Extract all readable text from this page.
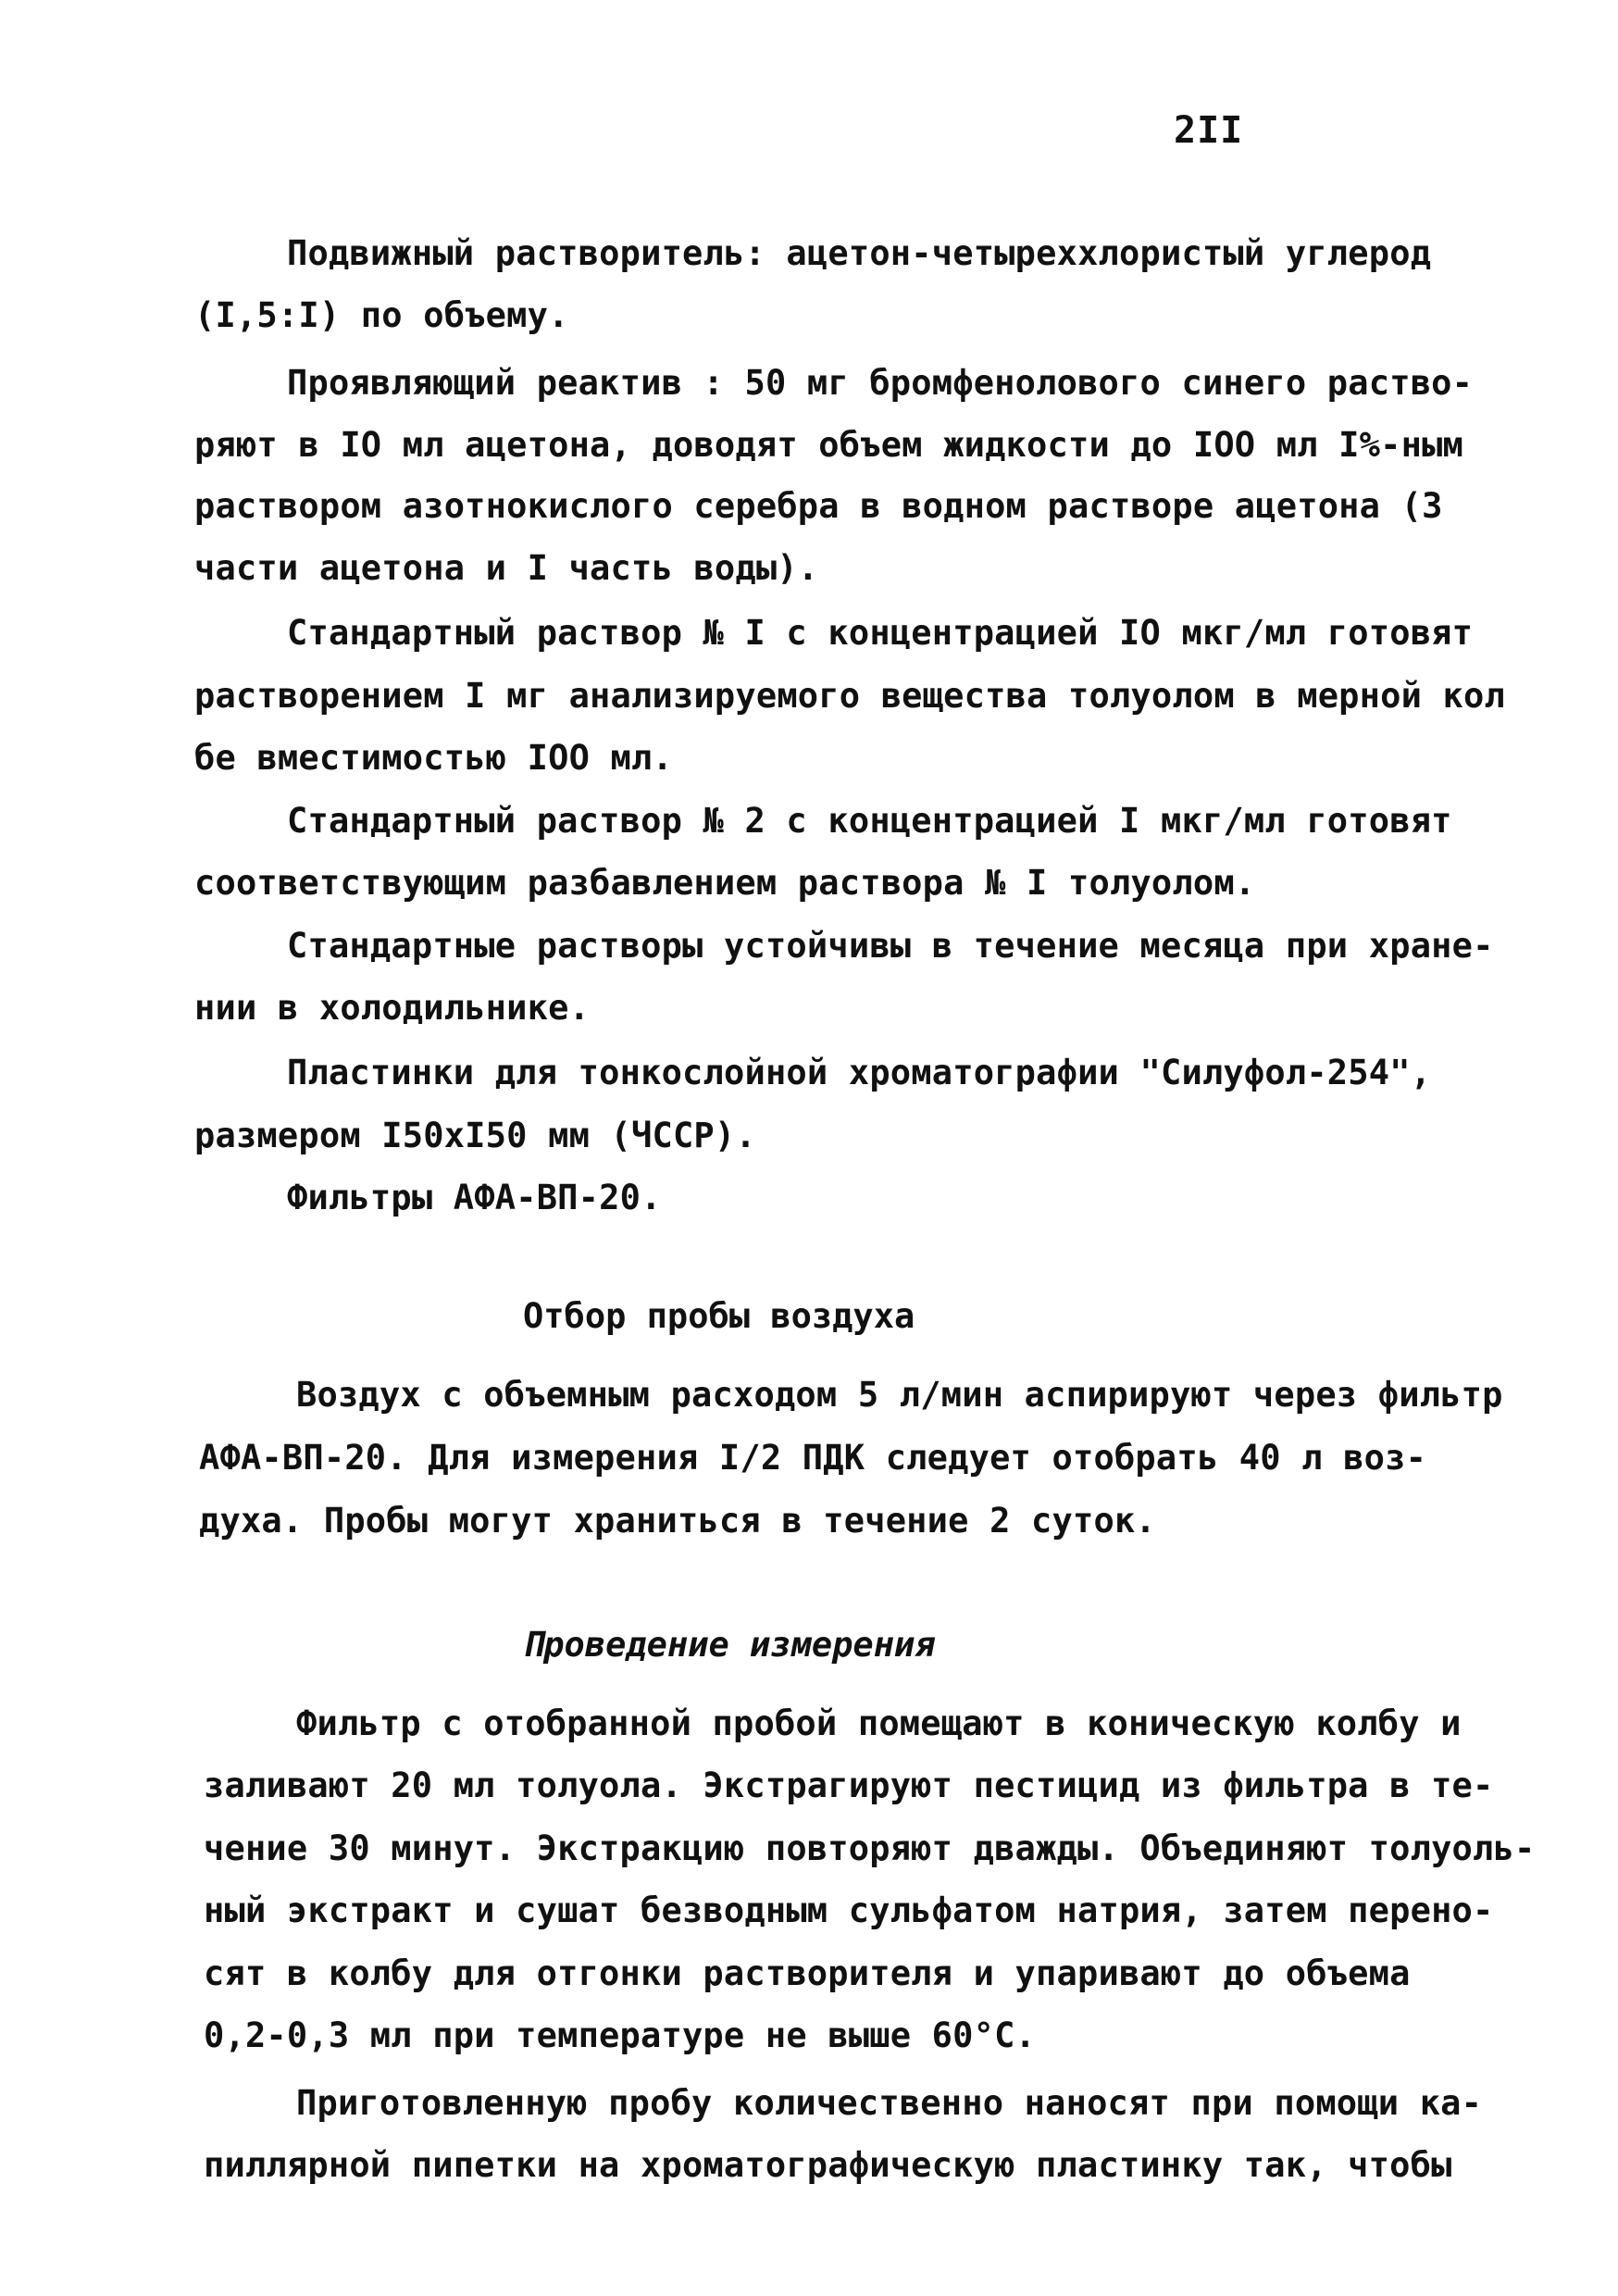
2II
Подвижный растворитель: ацетон-четыреххлористый углерод
(I,5:I) по объему.
Проявляющий реактив : 50 мг бромфенолового синего раство-
ряют в IO мл ацетона, доводят объем жидкости до IOO мл I%-ным
раствором азотнокислого серебра в водном растворе ацетона (3
части ацетона и I часть воды).
Стандартный раствор № I с концентрацией IO мкг/мл готовят
растворением I мг анализируемого вещества толуолом в мерной кол
бе вместимостью IOO мл.
Стандартный раствор № 2 с концентрацией I мкг/мл готовят
соответствующим разбавлением раствора № I толуолом.
Стандартные растворы устойчивы в течение месяца при хране-
нии в холодильнике.
Пластинки для тонкослойной хроматографии "Силуфол-254",
размером I50хI50 мм (ЧССР).
Фильтры АФА-ВП-20.
Отбор пробы воздуха
Воздух с объемным расходом 5 л/мин аспирируют через фильтр
АФА-ВП-20. Для измерения I/2 ПДК следует отобрать 40 л воз-
духа. Пробы могут храниться в течение 2 суток.
Проведение измерения
Фильтр с отобранной пробой помещают в коническую колбу и
заливают 20 мл толуола. Экстрагируют пестицид из фильтра в те-
чение 30 минут. Экстракцию повторяют дважды. Объединяют толуоль-
ный экстракт и сушат безводным сульфатом натрия, затем перено-
сят в колбу для отгонки растворителя и упаривают до объема
0,2-0,3 мл при температуре не выше 60°С.
Приготовленную пробу количественно наносят при помощи ка-
пиллярной пипетки на хроматографическую пластинку так, чтобы
